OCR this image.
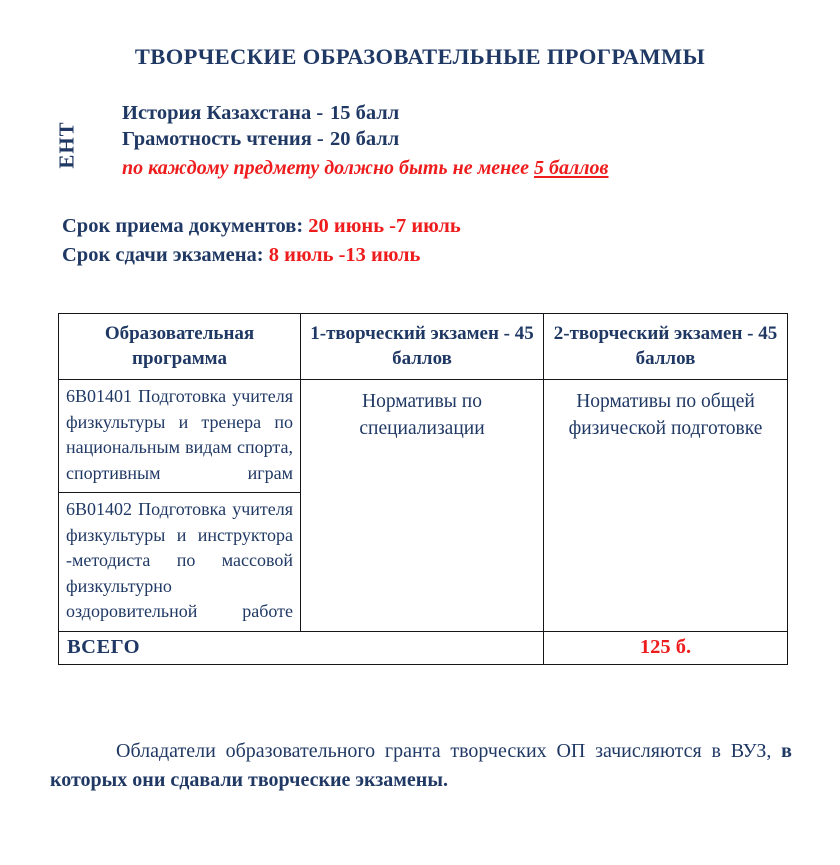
ТВОРЧЕСКИЕ ОБРАЗОВАТЕЛЬНЫЕ ПРОГРАММЫ
ЕНТ
История Казахстана - 15 балл
Грамотность чтения - 20 балл
по каждому предмету должно быть не менее 5 баллов
Срок приема документов: 20 июнь -7 июль
Срок сдачи экзамена: 8 июль -13 июль
Образовательная программа	1-творческий экзамен - 45 баллов	2-творческий экзамен - 45 баллов
6В01401 Подготовка учителя физкультуры и тренера по национальным видам спорта, спортивным играм	Нормативы по специализации	Нормативы по общей физической подготовке
6В01402 Подготовка учителя физкультуры и инструктора -методиста по массовой физкультурно оздоровительной работе		
ВСЕГО		125 б.
Обладатели образовательного гранта творческих ОП зачисляются в ВУЗ, в которых они сдавали творческие экзамены.
